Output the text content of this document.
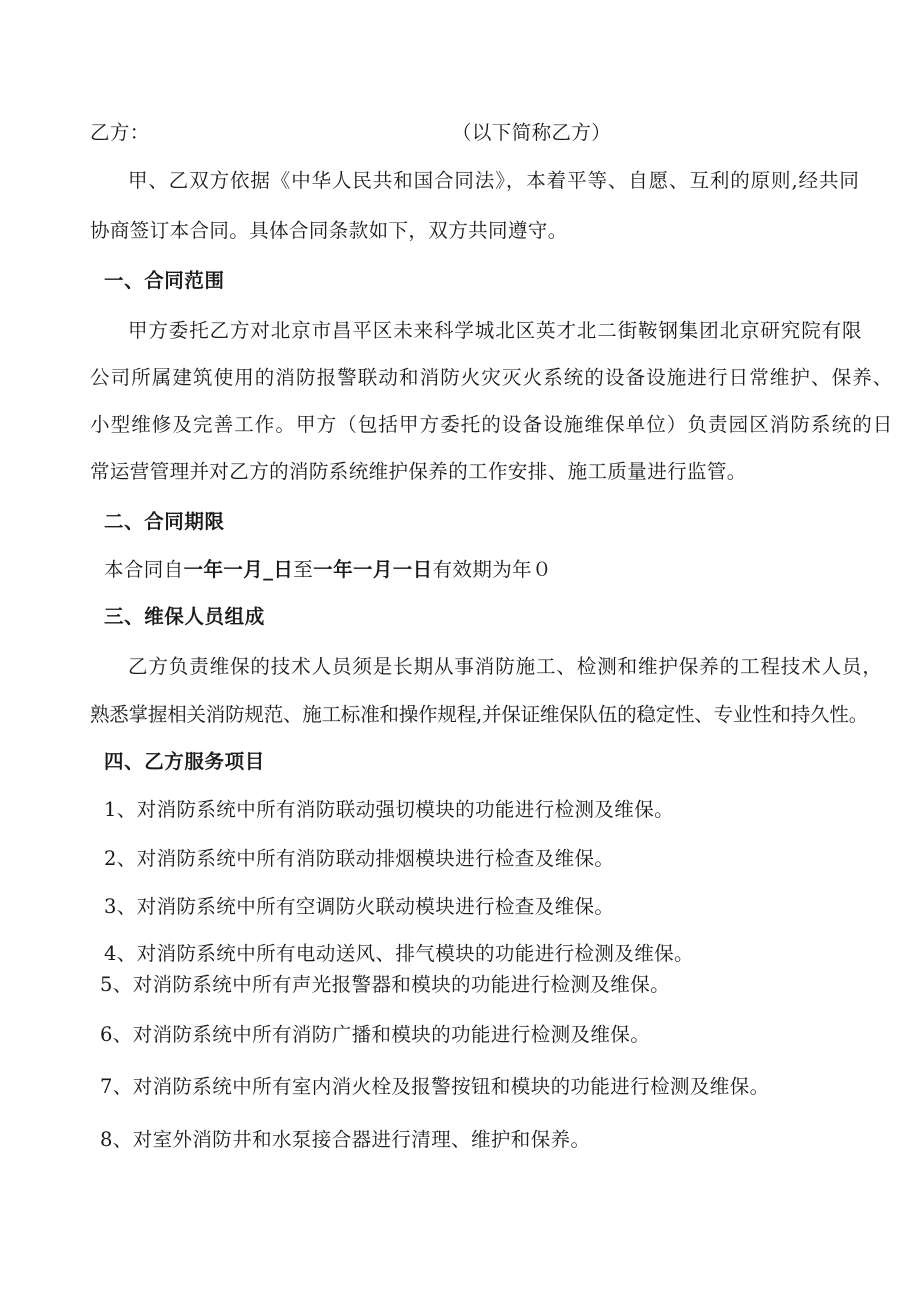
乙方：	（以下简称乙方）
甲、乙双方依据《中华人民共和国合同法》，本着平等、自愿、互利的原则,经共同
协商签订本合同。具体合同条款如下，双方共同遵守。
一、合同范围
甲方委托乙方对北京市昌平区未来科学城北区英才北二街鞍钢集团北京研究院有限
公司所属建筑使用的消防报警联动和消防火灾灭火系统的设备设施进行日常维护、保养、
小型维修及完善工作。甲方（包括甲方委托的设备设施维保单位）负责园区消防系统的日
常运营管理并对乙方的消防系统维护保养的工作安排、施工质量进行监管。
二、合同期限
本合同自一年一月_日至一年一月一日有效期为年０
三、维保人员组成
乙方负责维保的技术人员须是长期从事消防施工、检测和维护保养的工程技术人员，
熟悉掌握相关消防规范、施工标准和操作规程,并保证维保队伍的稳定性、专业性和持久性。
四、乙方服务项目
1、对消防系统中所有消防联动强切模块的功能进行检测及维保。
2、对消防系统中所有消防联动排烟模块进行检查及维保。
3、对消防系统中所有空调防火联动模块进行检查及维保。
4、对消防系统中所有电动送风、排气模块的功能进行检测及维保。
5、对消防系统中所有声光报警器和模块的功能进行检测及维保。
6、对消防系统中所有消防广播和模块的功能进行检测及维保。
7、对消防系统中所有室内消火栓及报警按钮和模块的功能进行检测及维保。
8、对室外消防井和水泵接合器进行清理、维护和保养。
